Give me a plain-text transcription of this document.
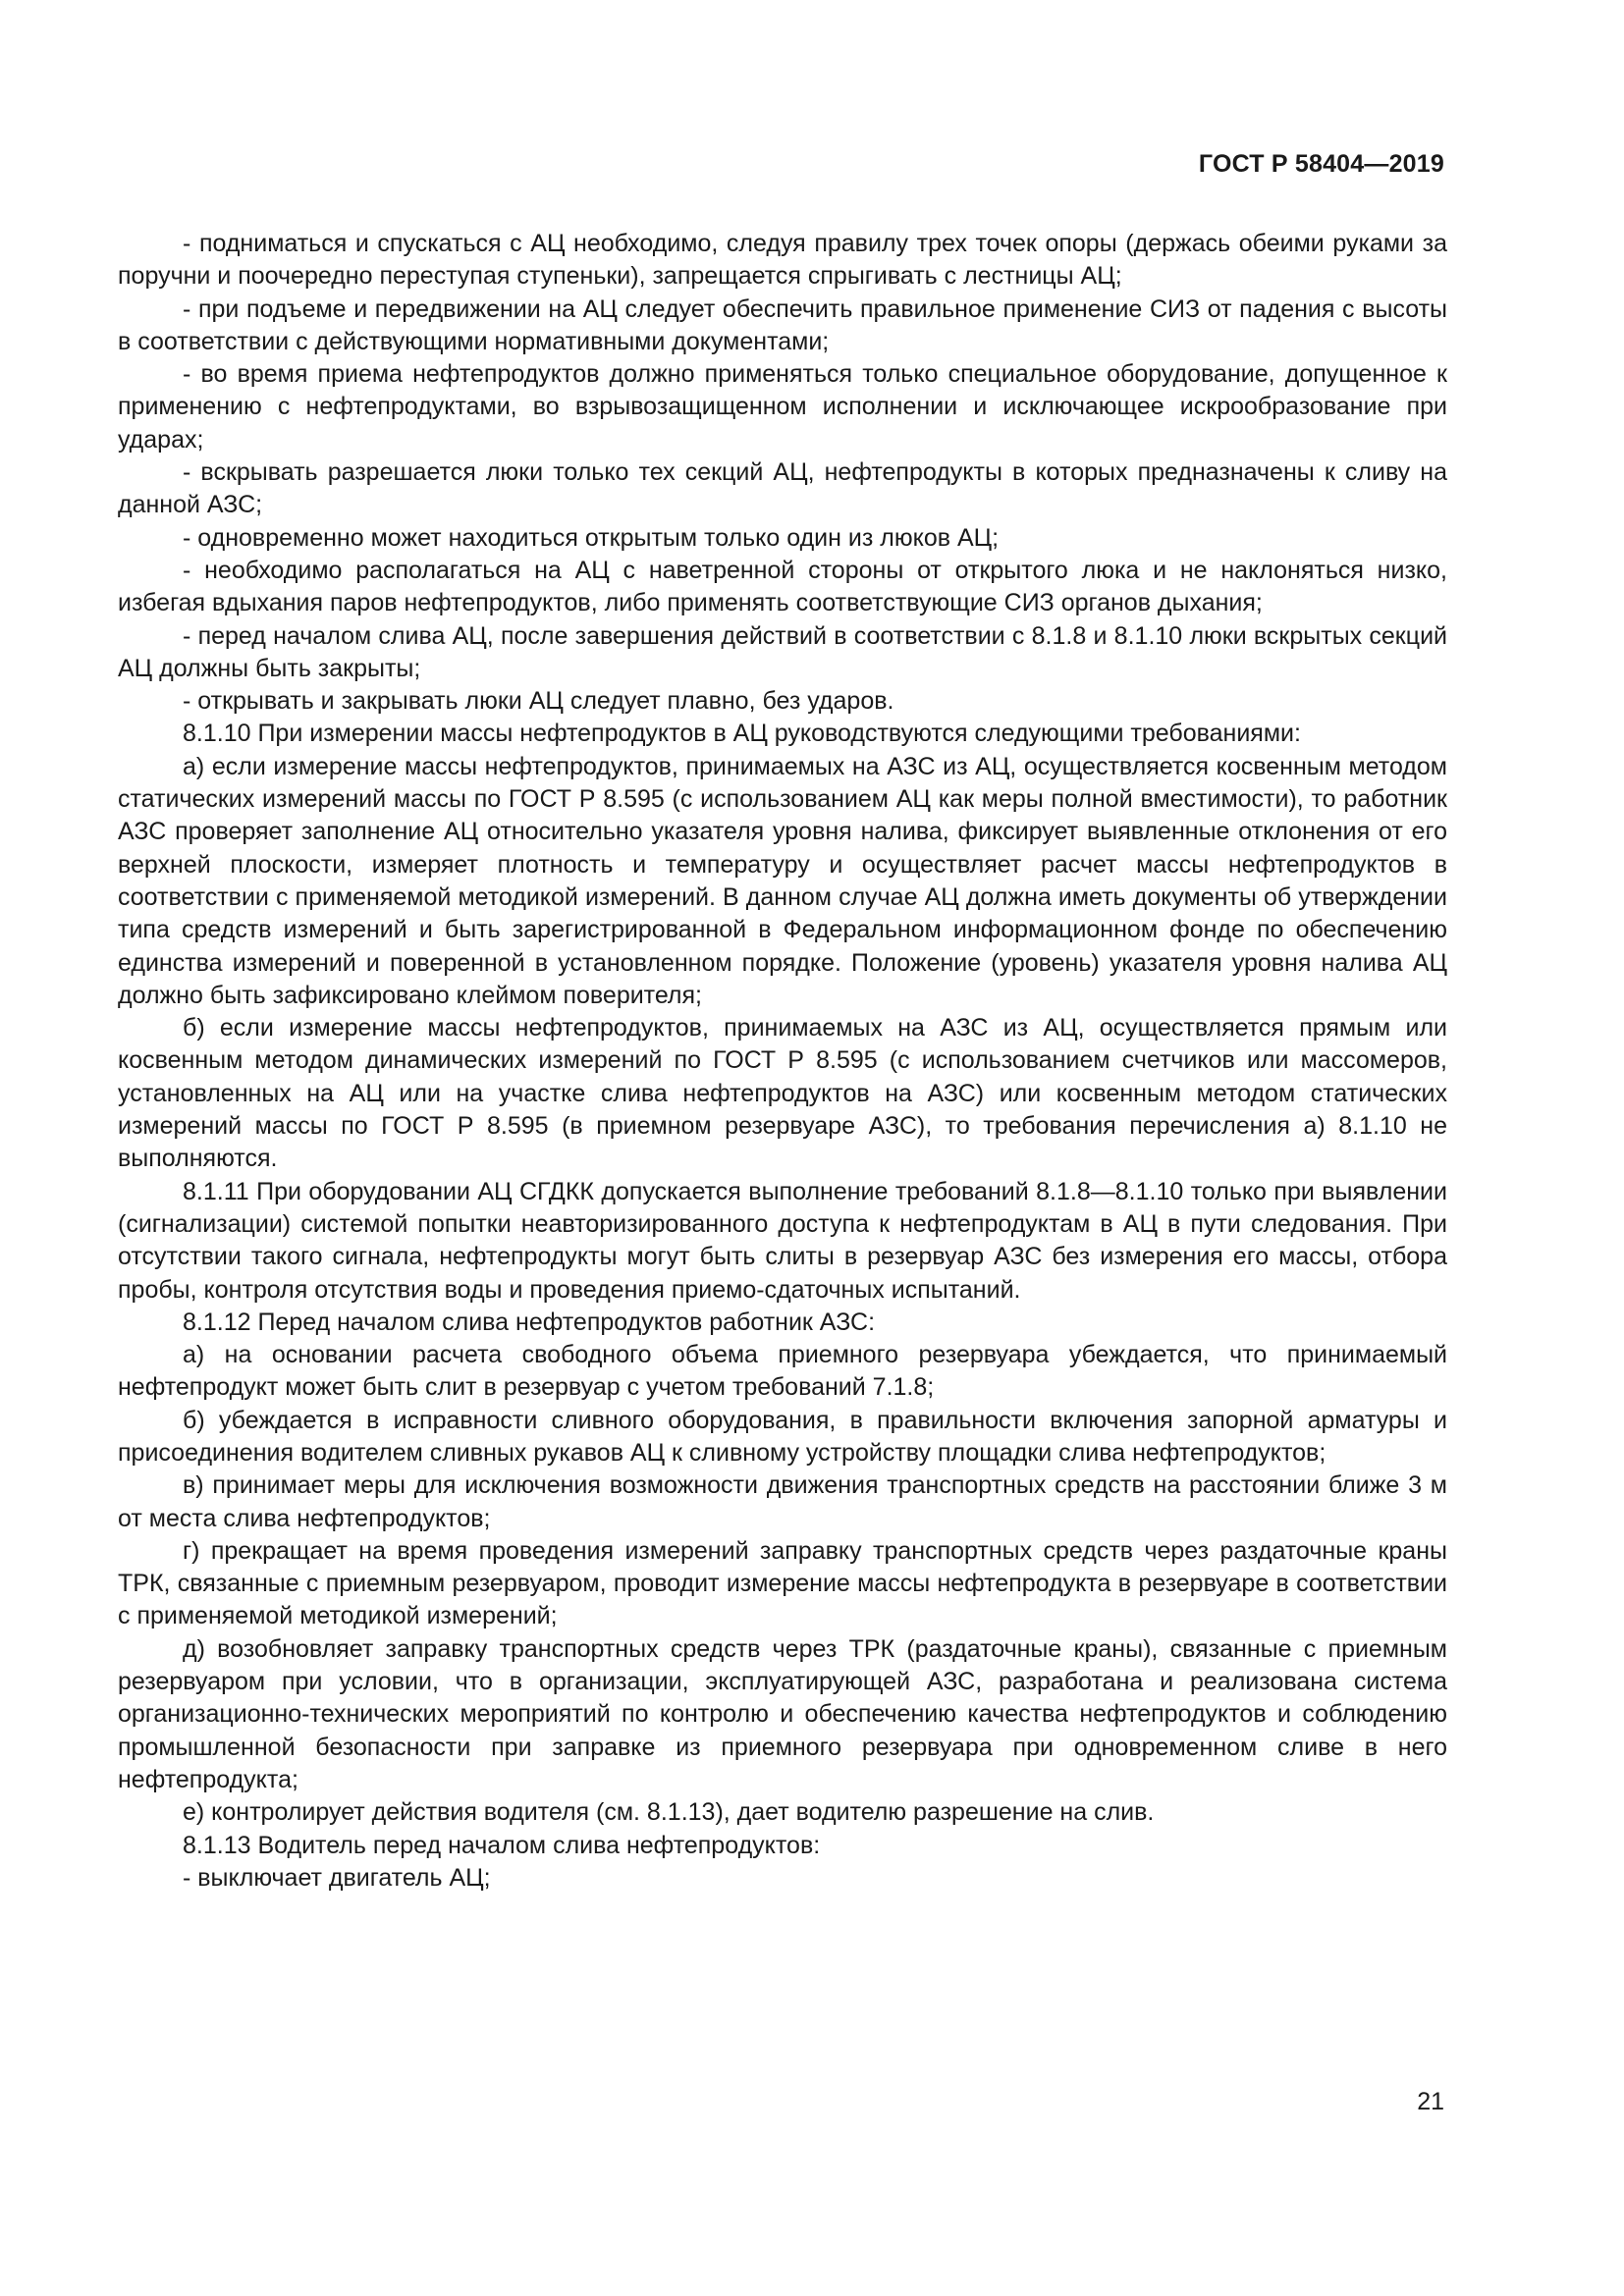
ГОСТ Р 58404—2019

- подниматься и спускаться с АЦ необходимо, следуя правилу трех точек опоры (держась обеими руками за поручни и поочередно переступая ступеньки), запрещается спрыгивать с лестницы АЦ;

- при подъеме и передвижении на АЦ следует обеспечить правильное применение СИЗ от падения с высоты в соответствии с действующими нормативными документами;

- во время приема нефтепродуктов должно применяться только специальное оборудование, допущенное к применению с нефтепродуктами, во взрывозащищенном исполнении и исключающее искрообразование при ударах;

- вскрывать разрешается люки только тех секций АЦ, нефтепродукты в которых предназначены к сливу на данной АЗС;

- одновременно может находиться открытым только один из люков АЦ;

- необходимо располагаться на АЦ с наветренной стороны от открытого люка и не наклоняться низко, избегая вдыхания паров нефтепродуктов, либо применять соответствующие СИЗ органов дыхания;

- перед началом слива АЦ, после завершения действий в соответствии с 8.1.8 и 8.1.10 люки вскрытых секций АЦ должны быть закрыты;

- открывать и закрывать люки АЦ следует плавно, без ударов.

8.1.10 При измерении массы нефтепродуктов в АЦ руководствуются следующими требованиями:

а) если измерение массы нефтепродуктов, принимаемых на АЗС из АЦ, осуществляется косвенным методом статических измерений массы по ГОСТ Р 8.595 (с использованием АЦ как меры полной вместимости), то работник АЗС проверяет заполнение АЦ относительно указателя уровня налива, фиксирует выявленные отклонения от его верхней плоскости, измеряет плотность и температуру и осуществляет расчет массы нефтепродуктов в соответствии с применяемой методикой измерений. В данном случае АЦ должна иметь документы об утверждении типа средств измерений и быть зарегистрированной в Федеральном информационном фонде по обеспечению единства измерений и поверенной в установленном порядке. Положение (уровень) указателя уровня налива АЦ должно быть зафиксировано клеймом поверителя;

б) если измерение массы нефтепродуктов, принимаемых на АЗС из АЦ, осуществляется прямым или косвенным методом динамических измерений по ГОСТ Р 8.595 (с использованием счетчиков или массомеров, установленных на АЦ или на участке слива нефтепродуктов на АЗС) или косвенным методом статических измерений массы по ГОСТ Р 8.595 (в приемном резервуаре АЗС), то требования перечисления а) 8.1.10 не выполняются.

8.1.11 При оборудовании АЦ СГДКК допускается выполнение требований 8.1.8—8.1.10 только при выявлении (сигнализации) системой попытки неавторизированного доступа к нефтепродуктам в АЦ в пути следования. При отсутствии такого сигнала, нефтепродукты могут быть слиты в резервуар АЗС без измерения его массы, отбора пробы, контроля отсутствия воды и проведения приемо-сдаточных испытаний.

8.1.12 Перед началом слива нефтепродуктов работник АЗС:

а) на основании расчета свободного объема приемного резервуара убеждается, что принимаемый нефтепродукт может быть слит в резервуар с учетом требований 7.1.8;

б) убеждается в исправности сливного оборудования, в правильности включения запорной арматуры и присоединения водителем сливных рукавов АЦ к сливному устройству площадки слива нефтепродуктов;

в) принимает меры для исключения возможности движения транспортных средств на расстоянии ближе 3 м от места слива нефтепродуктов;

г) прекращает на время проведения измерений заправку транспортных средств через раздаточные краны ТРК, связанные с приемным резервуаром, проводит измерение массы нефтепродукта в резервуаре в соответствии с применяемой методикой измерений;

д) возобновляет заправку транспортных средств через ТРК (раздаточные краны), связанные с приемным резервуаром при условии, что в организации, эксплуатирующей АЗС, разработана и реализована система организационно-технических мероприятий по контролю и обеспечению качества нефтепродуктов и соблюдению промышленной безопасности при заправке из приемного резервуара при одновременном сливе в него нефтепродукта;

е) контролирует действия водителя (см. 8.1.13), дает водителю разрешение на слив.

8.1.13 Водитель перед началом слива нефтепродуктов:

- выключает двигатель АЦ;

21
